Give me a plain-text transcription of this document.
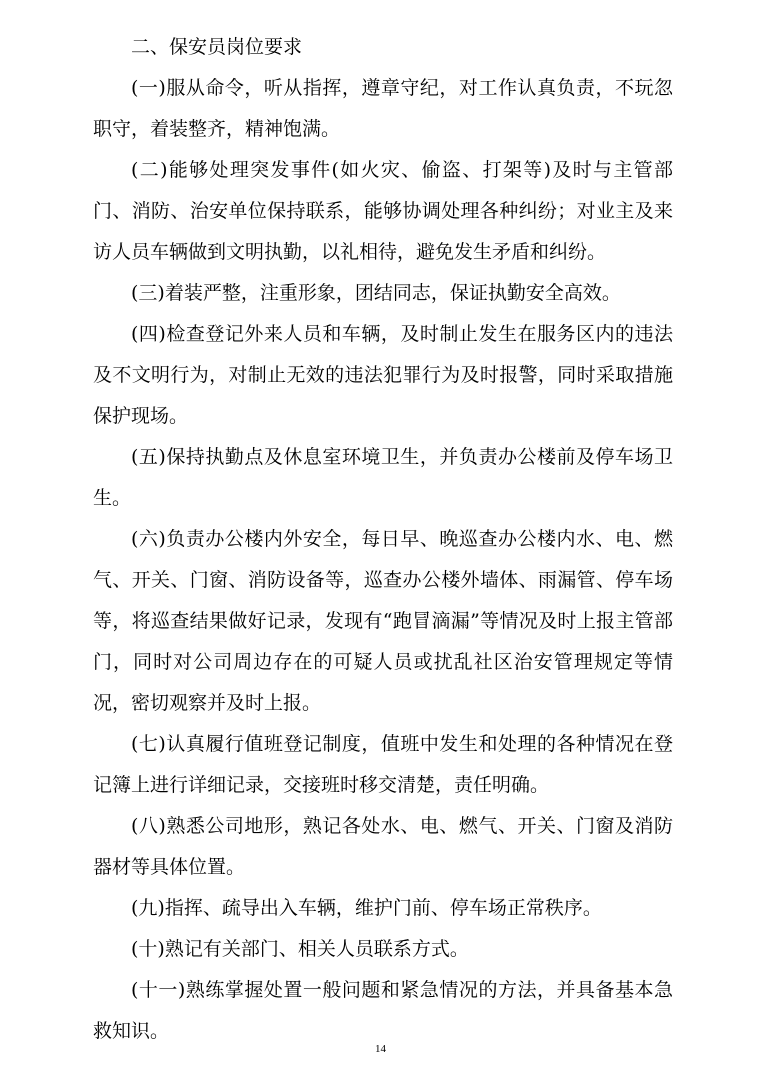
二、保安员岗位要求

(一)服从命令，听从指挥，遵章守纪，对工作认真负责，不玩忽职守，着装整齐，精神饱满。

(二)能够处理突发事件(如火灾、偷盗、打架等)及时与主管部门、消防、治安单位保持联系，能够协调处理各种纠纷；对业主及来访人员车辆做到文明执勤，以礼相待，避免发生矛盾和纠纷。

(三)着装严整，注重形象，团结同志，保证执勤安全高效。

(四)检查登记外来人员和车辆，及时制止发生在服务区内的违法及不文明行为，对制止无效的违法犯罪行为及时报警，同时采取措施保护现场。

(五)保持执勤点及休息室环境卫生，并负责办公楼前及停车场卫生。

(六)负责办公楼内外安全，每日早、晚巡查办公楼内水、电、燃气、开关、门窗、消防设备等，巡查办公楼外墙体、雨漏管、停车场等，将巡查结果做好记录，发现有“跑冒滴漏”等情况及时上报主管部门，同时对公司周边存在的可疑人员或扰乱社区治安管理规定等情况，密切观察并及时上报。

(七)认真履行值班登记制度，值班中发生和处理的各种情况在登记簿上进行详细记录，交接班时移交清楚，责任明确。

(八)熟悉公司地形，熟记各处水、电、燃气、开关、门窗及消防器材等具体位置。

(九)指挥、疏导出入车辆，维护门前、停车场正常秩序。

(十)熟记有关部门、相关人员联系方式。

(十一)熟练掌握处置一般问题和紧急情况的方法，并具备基本急救知识。

14
